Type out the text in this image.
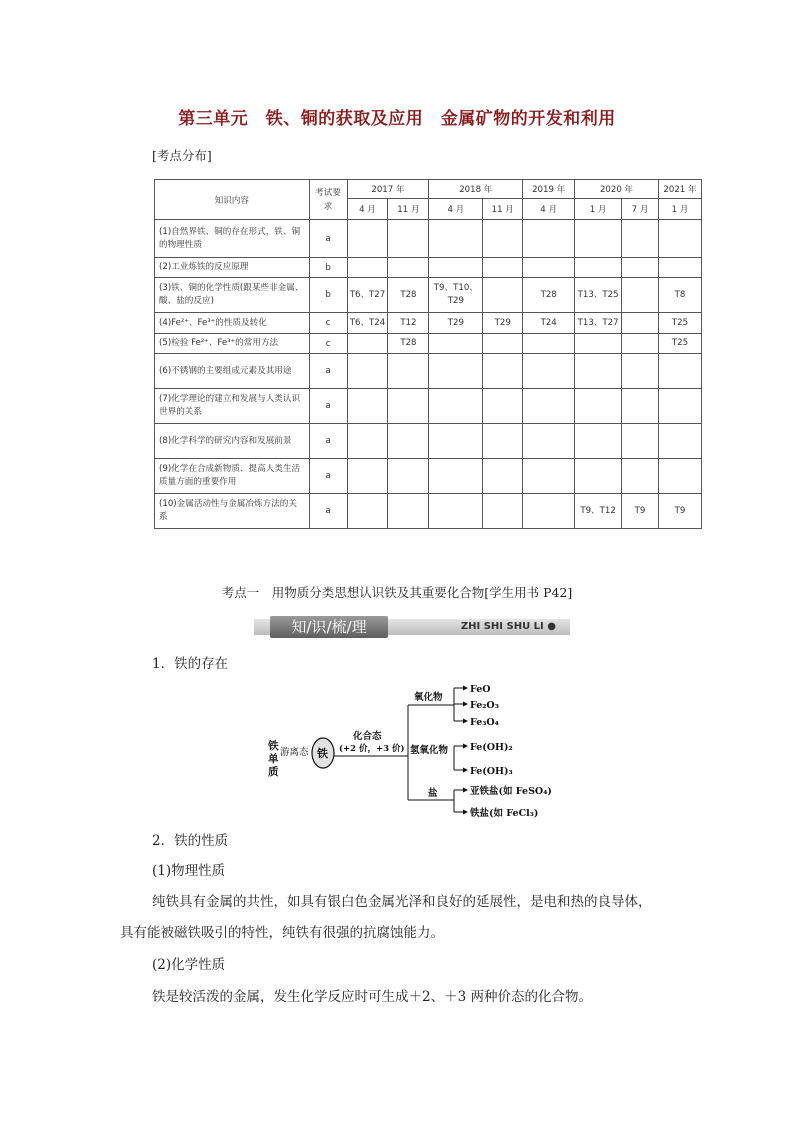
第三单元　铁、铜的获取及应用　金属矿物的开发和利用
[考点分布]
知识内容	考试要求	2017 年		2018 年		2019 年	2020 年		2021 年
		4 月	11 月	4 月	11 月	4 月	1 月	7 月	1 月
(1)自然界铁、铜的存在形式，铁、铜的物理性质	a								
(2)工业炼铁的反应原理	b								
(3)铁、铜的化学性质(跟某些非金属、酸、盐的反应)	b	T6、T27	T28	T9、T10、T29		T28	T13、T25		T8
(4)Fe²⁺、Fe³⁺的性质及转化	c	T6、T24	T12	T29	T29	T24	T13、T27		T25
(5)检验 Fe²⁺、Fe³⁺的常用方法	c		T28						T25
(6)不锈钢的主要组成元素及其用途	a								
(7)化学理论的建立和发展与人类认识世界的关系	a								
(8)化学科学的研究内容和发展前景	a								
(9)化学在合成新物质、提高人类生活质量方面的重要作用	a								
(10)金属活动性与金属冶炼方法的关系	a						T9、T12	T9	T9
考点一　用物质分类思想认识铁及其重要化合物[学生用书 P42]
知/识/梳/理	ZHI SHI SHU LI ●
1．铁的存在
铁
单
质
游离态 铁
化合态
(+2 价，+3 价)
氧化物
氢氧化物
盐
FeO
Fe₂O₃
Fe₃O₄
Fe(OH)₂
Fe(OH)₃
亚铁盐(如 FeSO₄)
铁盐(如 FeCl₃)
2．铁的性质
(1)物理性质
纯铁具有金属的共性，如具有银白色金属光泽和良好的延展性，是电和热的良导体，
具有能被磁铁吸引的特性，纯铁有很强的抗腐蚀能力。
(2)化学性质
铁是较活泼的金属，发生化学反应时可生成＋2、＋3 两种价态的化合物。
